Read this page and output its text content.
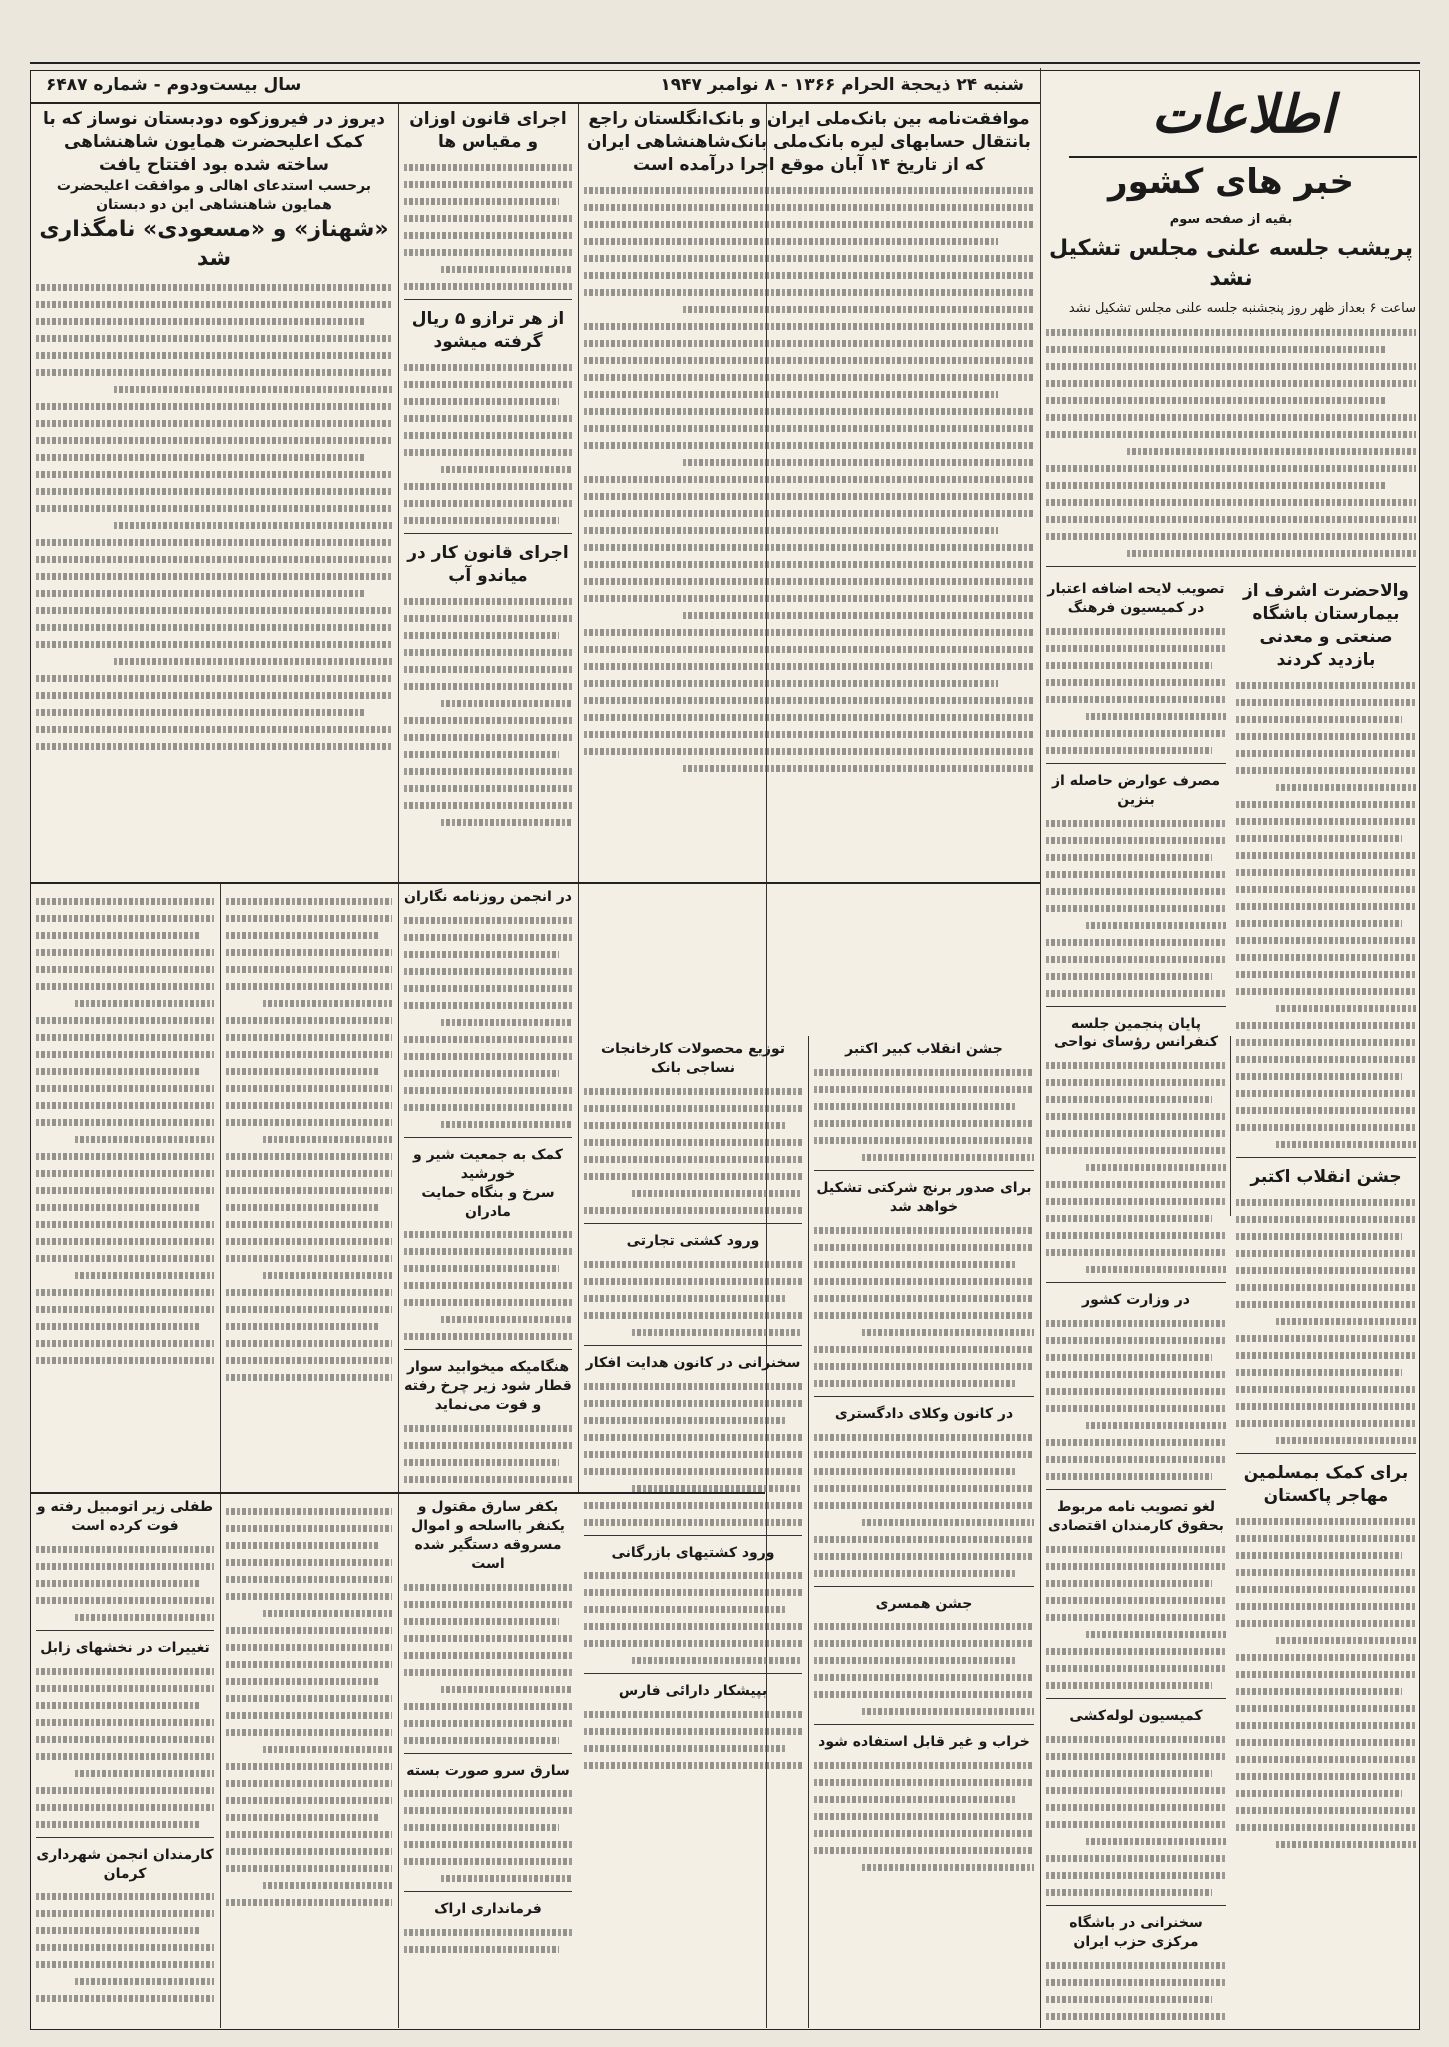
شنبه ۲۴ ذیحجة الحرام ۱۳۶۶ - ۸ نوامبر ۱۹۴۷
سال بیست‌ودوم - شماره ۶۴۸۷	اطلاعات
خبر های کشور
بقیه از صفحه سوم
پریشب جلسه علنی مجلس تشکیل نشد
ساعت ۶ بعداز ظهر روز پنجشنبه جلسه علنی مجلس تشکیل نشد
والاحضرت اشرف از بیمارستان باشگاه صنعتی و معدنی بازدید کردند
جشن انقلاب اکتبر
برای کمک بمسلمین مهاجر پاکستان
تصویب لایحه اضافه اعتبار در کمیسیون فرهنگ
مصرف عوارض حاصله از بنزین
پایان پنجمین جلسه کنفرانس رؤسای نواحی
در وزارت کشور
لغو تصویب نامه مربوط بحقوق کارمندان اقتصادی
کمیسیون لوله‌کشی
سخنرانی در باشگاه مرکزی حزب ایران
موافقت‌نامه بین بانک‌ملی ایران و بانک‌انگلستان راجع بانتقال حسابهای لیره بانک‌ملی بانک‌شاهنشاهی ایران که از تاریخ ۱۴ آبان موقع اجرا درآمده است
اجرای قانون اوزان و مقیاس ها
از هر ترازو ۵ ریال گرفته میشود
اجرای قانون کار در میاندو آب
دیروز در فیروزکوه دودبستان نوساز که با کمک اعلیحضرت همایون شاهنشاهی ساخته شده بود افتتاح یافت
برحسب استدعای اهالی و موافقت اعلیحضرت همایون شاهنشاهی این دو دبستان
«شهناز» و «مسعودی» نامگذاری شد
جشن انقلاب کبیر اکتبر
برای صدور برنج شرکتی تشکیل خواهد شد
در کانون وکلای دادگستری
جشن همسری
خراب و غیر قابل استفاده شود
توزیع محصولات کارخانجات نساجی بانک
ورود کشتی تجارتی
سخنرانی در کانون هدایت افکار
ورود کشتیهای بازرگانی
بپیشکار دارائی فارس
در انجمن روزنامه نگاران
کمک به جمعیت شیر و خورشید
سرخ و بنگاه حمایت مادران
هنگامیکه میخوابید سوار قطار شود زیر چرخ رفته و فوت می‌نماید
بکفر سارق مقتول و یکنفر بااسلحه و اموال مسروقه دستگیر شده است
سارق سرو صورت بسته
فرمانداری اراک
طفلی زیر اتومبیل رفته و فوت کرده است
تغییرات در نخشهای زابل
کارمندان انجمن شهرداری کرمان
